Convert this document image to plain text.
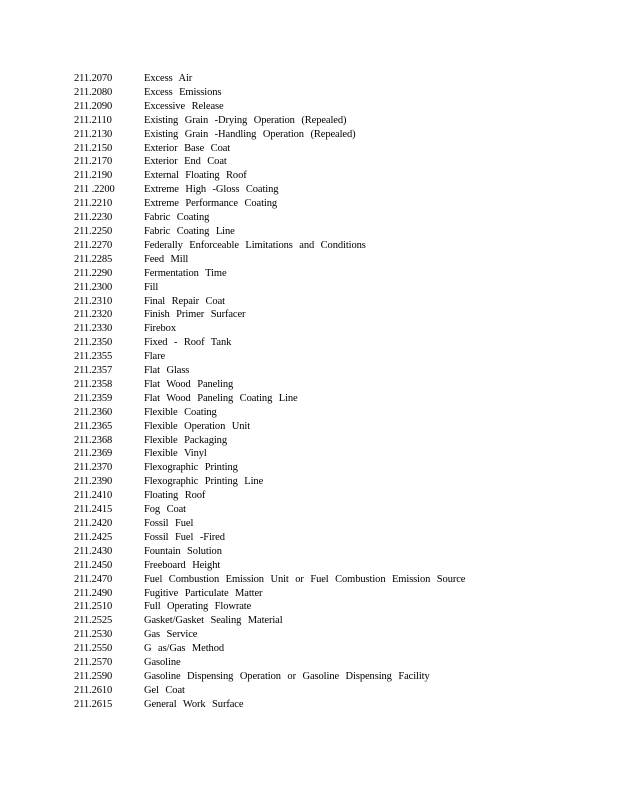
211.2070	Excess Air
211.2080	Excess Emissions
211.2090	Excessive Release
211.2110	Existing Grain -Drying Operation (Repealed)
211.2130	Existing Grain -Handling Operation (Repealed)
211.2150	Exterior Base Coat
211.2170	Exterior End Coat
211.2190	External Floating Roof
211 .2200	Extreme High -Gloss Coating
211.2210	Extreme Performance Coating
211.2230	Fabric Coating
211.2250	Fabric Coating Line
211.2270	Federally Enforceable Limitations and Conditions
211.2285	Feed Mill
211.2290	Fermentation Time
211.2300	Fill
211.2310	Final Repair Coat
211.2320	Finish Primer Surfacer
211.2330	Firebox
211.2350	Fixed - Roof Tank
211.2355	Flare
211.2357	Flat Glass
211.2358	Flat Wood Paneling
211.2359	Flat Wood Paneling Coating Line
211.2360	Flexible Coating
211.2365	Flexible Operation Unit
211.2368	Flexible Packaging
211.2369	Flexible Vinyl
211.2370	Flexographic Printing
211.2390	Flexographic Printing Line
211.2410	Floating Roof
211.2415	Fog Coat
211.2420	Fossil Fuel
211.2425	Fossil Fuel -Fired
211.2430	Fountain Solution
211.2450	Freeboard Height
211.2470	Fuel Combustion Emission Unit or Fuel Combustion Emission Source
211.2490	Fugitive Particulate Matter
211.2510	Full Operating Flowrate
211.2525	Gasket/Gasket Sealing Material
211.2530	Gas Service
211.2550	G as/Gas Method
211.2570	Gasoline
211.2590	Gasoline Dispensing Operation or Gasoline Dispensing Facility
211.2610	Gel Coat
211.2615	General Work Surface
